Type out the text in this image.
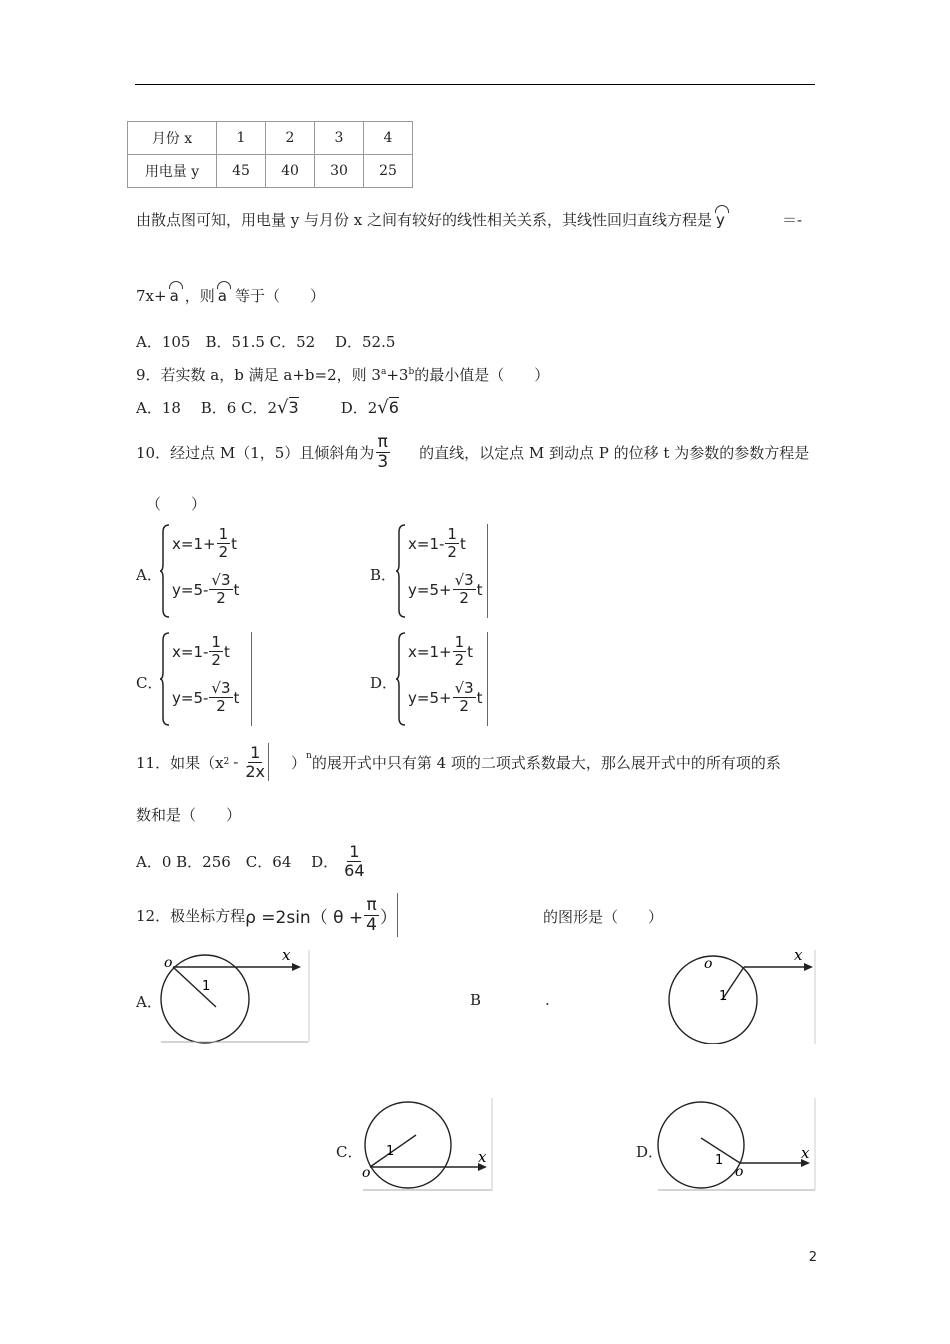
月份 x	1	2	3	4
用电量 y	45	40	30	25
由散点图可知，用电量 y 与月份 x 之间有较好的线性相关关系，其线性回归直线方程是 y	＝-
7x+ a ，则 a 等于（　　）
A．105　B．51.5 C．52　 D．52.5
9．若实数 a，b 满足 a+b=2，则 $3^a+3^b$的最小值是（　　）
A．18　 B．6 C．2√3	D．2√6
10．经过点 M（1，5）且倾斜角为 $\frac{\pi}{3}$ 的直线，以定点 M 到动点 P 的位移 t 为参数的参数方程是
（　　）
A．
$x=1+ \frac{1}{2}$ t
$y=5- \frac{√3}{2}$ t
B．
$x=1- \frac{1}{2}$ t
$y=5+ \frac{√3}{2}$ t
C．
$x=1- \frac{1}{2}$ t
$y=5- \frac{√3}{2}$ t
D．
$x=1+ \frac{1}{2}$ t
$y=5+ \frac{√3}{2}$ t
11．如果（x $2 - \frac{1}{2x} )^n$ 的展开式中只有第 4 项的二项式系数最大，那么展开式中的所有项的系
数和是（　　）
A．0 B．256　C．64　 D． $\frac{1}{64}$
12．极坐标方程 ρ =2sin（ $\theta + \frac{\pi}{4}$ ）	的图形是（　　）
A．
o	x
1
B	.
o	x
1
C．
o
x
1	D．
o
x
1
2
